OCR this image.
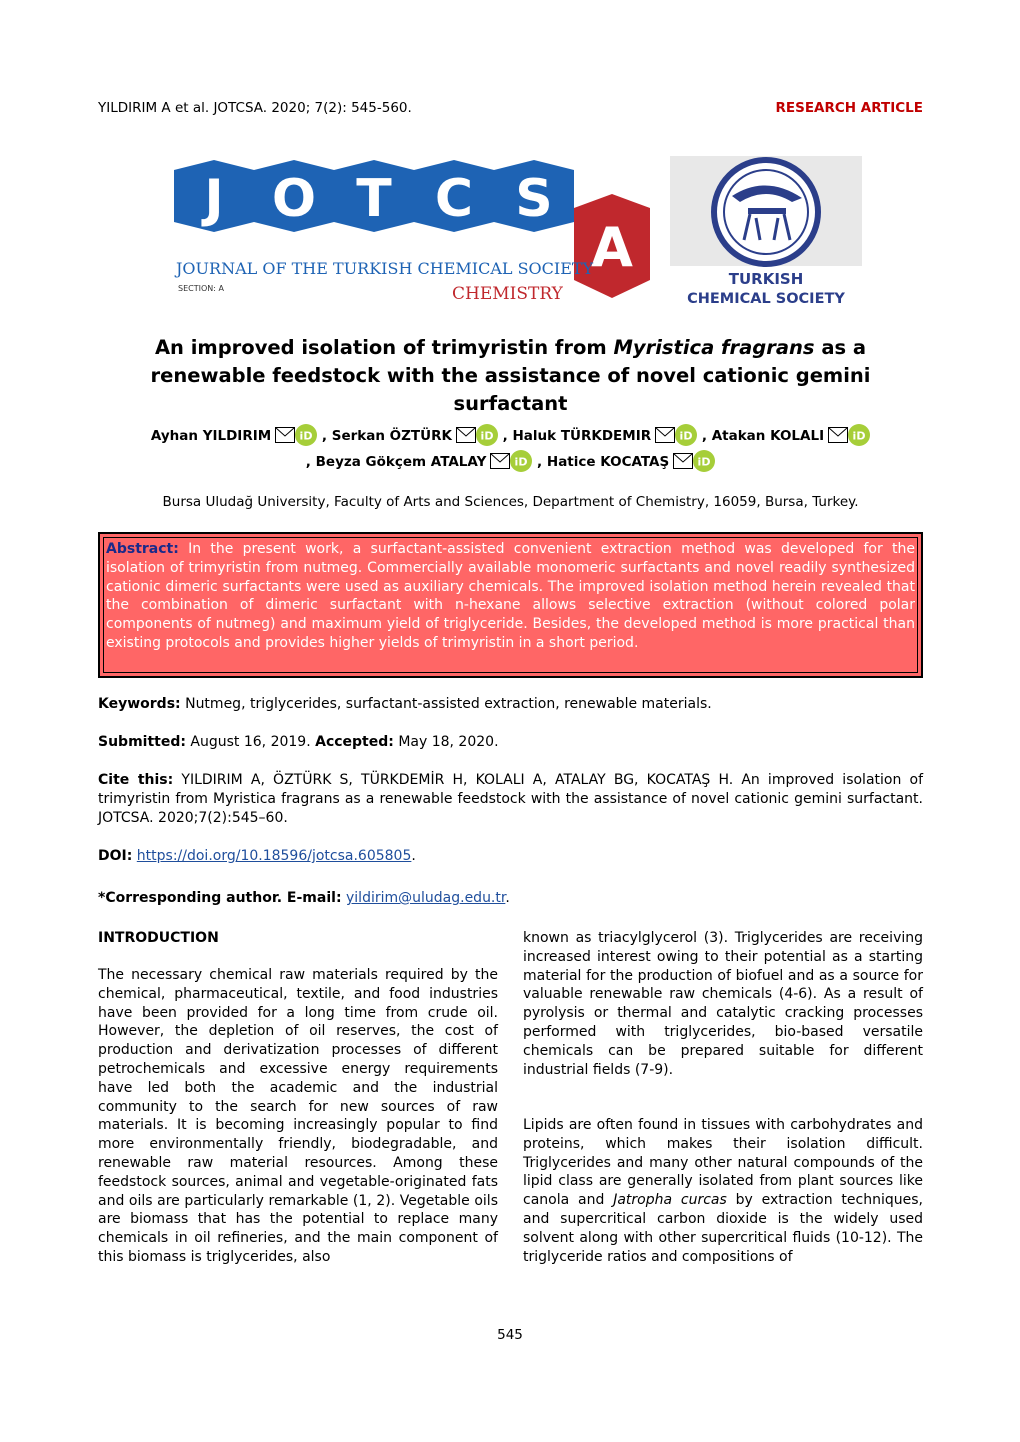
YILDIRIM A et al. JOTCSA. 2020; 7(2): 545-560.	RESEARCH ARTICLE
J O T C S
A
JOURNAL OF THE TURKISH CHEMICAL SOCIETY
SECTION: A	CHEMISTRY
TURKISH
CHEMICAL SOCIETY
An improved isolation of trimyristin from Myristica fragrans as a renewable feedstock with the assistance of novel cationic gemini surfactant
Ayhan YILDIRIM	iD , Serkan ÖZTÜRK	iD , Haluk TÜRKDEMIR	iD , Atakan KOLALI	iD
, Beyza Gökçem ATALAY	iD , Hatice KOCATAŞ	iD
Bursa Uludağ University, Faculty of Arts and Sciences, Department of Chemistry, 16059, Bursa, Turkey.
Abstract: In the present work, a surfactant-assisted convenient extraction method was developed for the isolation of trimyristin from nutmeg. Commercially available monomeric surfactants and novel readily synthesized cationic dimeric surfactants were used as auxiliary chemicals. The improved isolation method herein revealed that the combination of dimeric surfactant with n-hexane allows selective extraction (without colored polar components of nutmeg) and maximum yield of triglyceride. Besides, the developed method is more practical than existing protocols and provides higher yields of trimyristin in a short period.
Keywords: Nutmeg, triglycerides, surfactant-assisted extraction, renewable materials.
Submitted: August 16, 2019. Accepted: May 18, 2020.
Cite this: YILDIRIM A, ÖZTÜRK S, TÜRKDEMİR H, KOLALI A, ATALAY BG, KOCATAŞ H. An improved isolation of trimyristin from Myristica fragrans as a renewable feedstock with the assistance of novel cationic gemini surfactant. JOTCSA. 2020;7(2):545–60.
DOI: https://doi.org/10.18596/jotcsa.605805.
*Corresponding author. E-mail: yildirim@uludag.edu.tr.
INTRODUCTION
The necessary chemical raw materials required by the chemical, pharmaceutical, textile, and food industries have been provided for a long time from crude oil. However, the depletion of oil reserves, the cost of production and derivatization processes of different petrochemicals and excessive energy requirements have led both the academic and the industrial community to the search for new sources of raw materials. It is becoming increasingly popular to find more environmentally friendly, biodegradable, and renewable raw material resources. Among these feedstock sources, animal and vegetable-originated fats and oils are particularly remarkable (1, 2). Vegetable oils are biomass that has the potential to replace many chemicals in oil refineries, and the main component of this biomass is triglycerides, also
known as triacylglycerol (3). Triglycerides are receiving increased interest owing to their potential as a starting material for the production of biofuel and as a source for valuable renewable raw chemicals (4-6). As a result of pyrolysis or thermal and catalytic cracking processes performed with triglycerides, bio-based versatile chemicals can be prepared suitable for different industrial fields (7-9).
Lipids are often found in tissues with carbohydrates and proteins, which makes their isolation difficult. Triglycerides and many other natural compounds of the lipid class are generally isolated from plant sources like canola and Jatropha curcas by extraction techniques, and supercritical carbon dioxide is the widely used solvent along with other supercritical fluids (10-12). The triglyceride ratios and compositions of
545
